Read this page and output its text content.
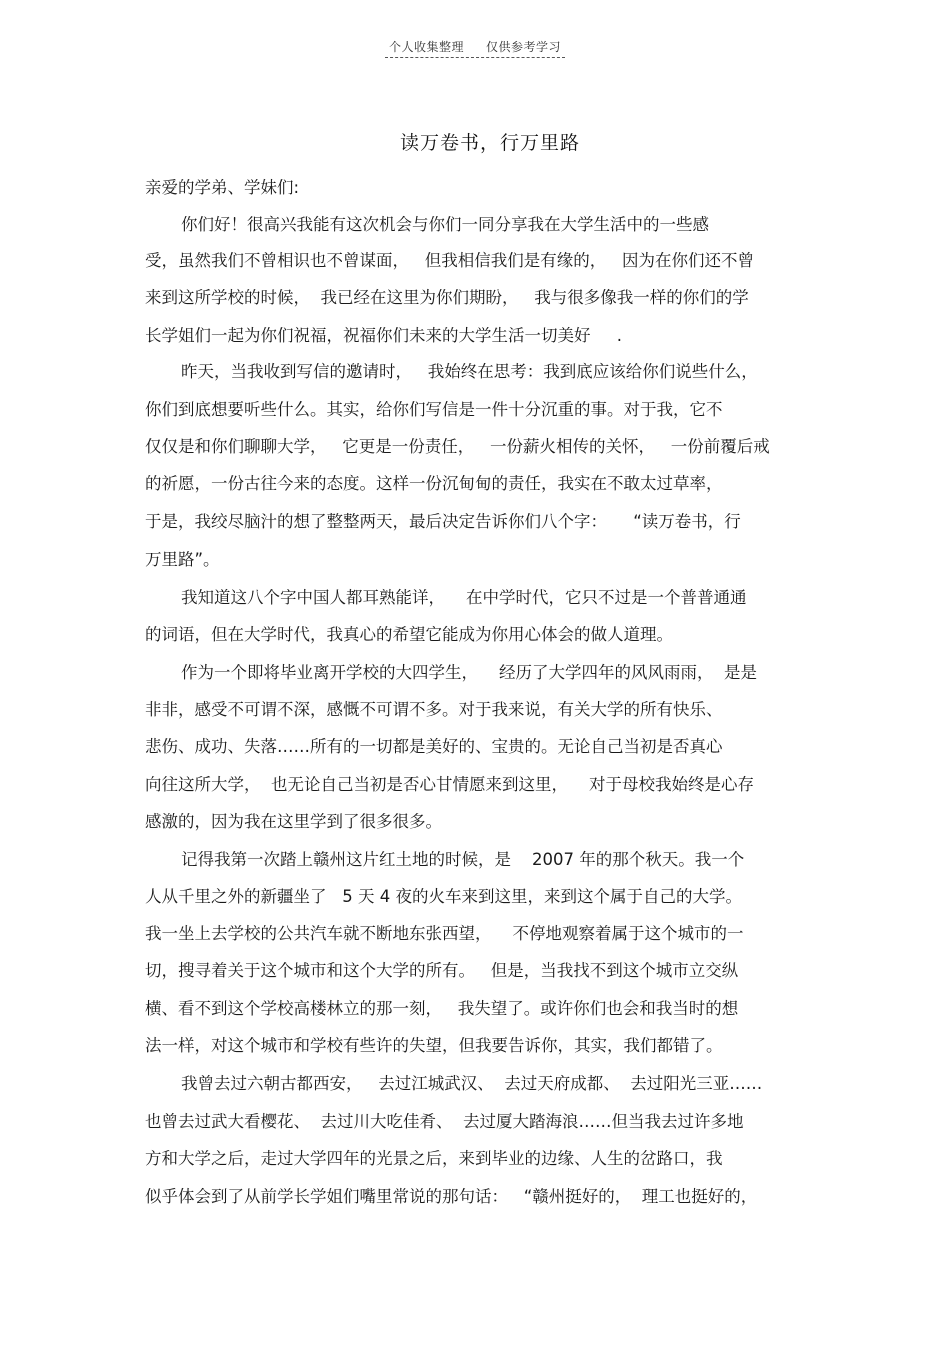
个人收集整理 仅供参考学习
读万卷书，行万里路
亲爱的学弟、学妹们:
你们好！很高兴我能有这次机会与你们一同分享我在大学生活中的一些感
受，虽然我们不曾相识也不曾谋面，   但我相信我们是有缘的，   因为在你们还不曾
来到这所学校的时候，  我已经在这里为你们期盼，   我与很多像我一样的你们的学
长学姐们一起为你们祝福，祝福你们未来的大学生活一切美好     .
昨天，当我收到写信的邀请时，   我始终在思考：我到底应该给你们说些什么，
你们到底想要听些什么。其实，给你们写信是一件十分沉重的事。对于我，它不
仅仅是和你们聊聊大学，   它更是一份责任，   一份薪火相传的关怀，   一份前覆后戒
的祈愿，一份古往今来的态度。这样一份沉甸甸的责任，我实在不敢太过草率，
于是，我绞尽脑汁的想了整整两天，最后决定告诉你们八个字：     “读万卷书，行
万里路”。
我知道这八个字中国人都耳熟能详，    在中学时代，它只不过是一个普普通通
的词语，但在大学时代，我真心的希望它能成为你用心体会的做人道理。
作为一个即将毕业离开学校的大四学生，    经历了大学四年的风风雨雨，  是是
非非，感受不可谓不深，感慨不可谓不多。对于我来说，有关大学的所有快乐、
悲伤、成功、失落……所有的一切都是美好的、宝贵的。无论自己当初是否真心
向往这所大学，  也无论自己当初是否心甘情愿来到这里，    对于母校我始终是心存
感激的，因为我在这里学到了很多很多。
记得我第一次踏上赣州这片红土地的时候，是    2007 年的那个秋天。我一个
人从千里之外的新疆坐了   5 天 4 夜的火车来到这里，来到这个属于自己的大学。
我一坐上去学校的公共汽车就不断地东张西望，    不停地观察着属于这个城市的一
切，搜寻着关于这个城市和这个大学的所有。   但是，当我找不到这个城市立交纵
横、看不到这个学校高楼林立的那一刻，   我失望了。或许你们也会和我当时的想
法一样，对这个城市和学校有些许的失望，但我要告诉你，其实，我们都错了。
我曾去过六朝古都西安，   去过江城武汉、  去过天府成都、  去过阳光三亚……
也曾去过武大看樱花、  去过川大吃佳肴、  去过厦大踏海浪……但当我去过许多地
方和大学之后，走过大学四年的光景之后，来到毕业的边缘、人生的岔路口，我
似乎体会到了从前学长学姐们嘴里常说的那句话：   “赣州挺好的，  理工也挺好的，
